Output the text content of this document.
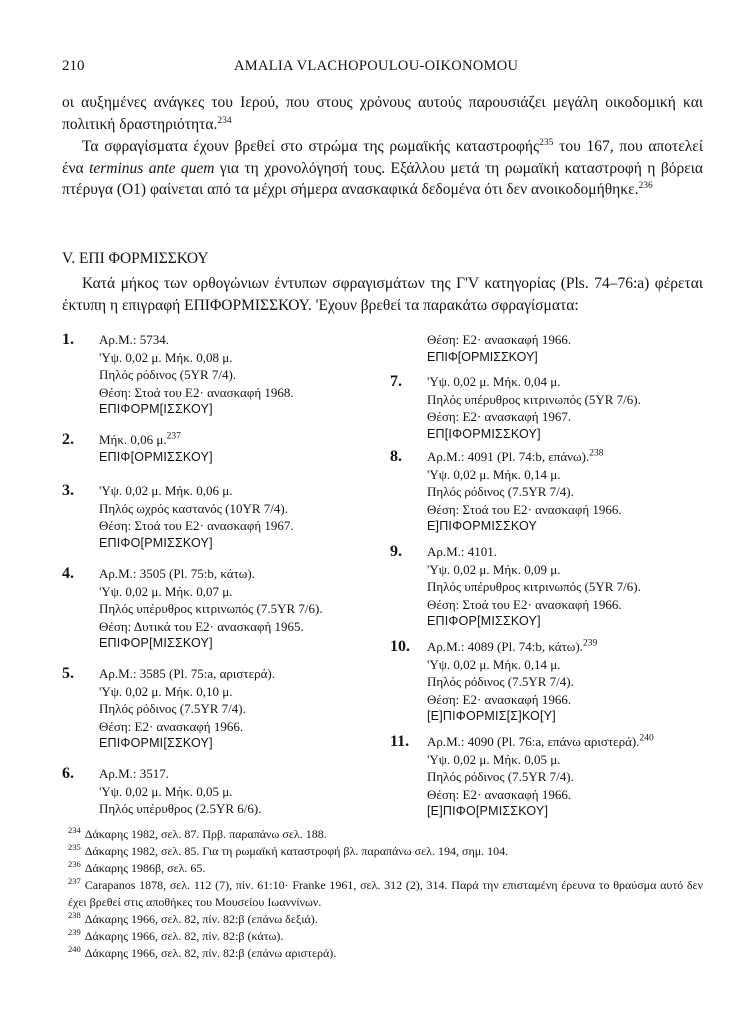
210	AMALIA VLACHOPOULOU-OIKONOMOU

οι αυξημένες ανάγκες του Ιερού, που στους χρόνους αυτούς παρουσιάζει μεγάλη οικοδομική και πολιτική δραστηριότητα.$^{234}$

Τα σφραγίσματα έχουν βρεθεί στο στρώμα της ρωμαϊκής καταστροφής$^{235}$ του 167, που αποτελεί ένα terminus ante quem για τη χρονολόγησή τους. Εξάλλου μετά τη ρωμαϊκή καταστροφή η βόρεια πτέρυγα (Ο1) φαίνεται από τα μέχρι σήμερα ανασκαφικά δεδομένα ότι δεν ανοικοδομήθηκε.$^{236}$

V. ΕΠΙ ΦΟΡΜΙΣΣΚΟΥ

Κατά μήκος των ορθογώνιων έντυπων σφραγισμάτων της Γ'V κατηγορίας (Pls. 74–76:a) φέρεται έκτυπη η επιγραφή ΕΠΙΦΟΡΜΙΣΣΚΟΥ. 'Εχουν βρεθεί τα παρακάτω σφραγίσματα:

1. Αρ.Μ.: 5734.
'Υψ. 0,02 μ. Μήκ. 0,08 μ.
Πηλός ρόδινος (5YR 7/4).
Θέση: Στοά του Ε2· ανασκαφή 1968.
ΕΠΙΦΟΡΜ[ΙΣΣΚΟΥ]
2. Μήκ. 0,06 μ.$^{237}$
ΕΠΙΦ[ΟΡΜΙΣΣΚΟΥ]
3. 'Υψ. 0,02 μ. Μήκ. 0,06 μ.
Πηλός ωχρός καστανός (10YR 7/4).
Θέση: Στοά του Ε2· ανασκαφή 1967.
ΕΠΙΦΟ[ΡΜΙΣΣΚΟΥ]
4. Αρ.Μ.: 3505 (Pl. 75:b, κάτω).
'Υψ. 0,02 μ. Μήκ. 0,07 μ.
Πηλός υπέρυθρος κιτρινωπός (7.5YR 7/6).
Θέση: Δυτικά του Ε2· ανασκαφή 1965.
ΕΠΙΦΟΡ[ΜΙΣΣΚΟΥ]
5. Αρ.Μ.: 3585 (Pl. 75:a, αριστερά).
'Υψ. 0,02 μ. Μήκ. 0,10 μ.
Πηλός ρόδινος (7.5YR 7/4).
Θέση: Ε2· ανασκαφή 1966.
ΕΠΙΦΟΡΜΙ[ΣΣΚΟΥ]
6. Αρ.Μ.: 3517.
'Υψ. 0,02 μ. Μήκ. 0,05 μ.
Πηλός υπέρυθρος (2.5YR 6/6).
Θέση: Ε2· ανασκαφή 1966.
ΕΠΙΦ[ΟΡΜΙΣΣΚΟΥ]
7. 'Υψ. 0,02 μ. Μήκ. 0,04 μ.
Πηλός υπέρυθρος κιτρινωπός (5YR 7/6).
Θέση: Ε2· ανασκαφή 1967.
ΕΠ[ΙΦΟΡΜΙΣΣΚΟΥ]
8. Αρ.Μ.: 4091 (Pl. 74:b, επάνω).$^{238}$
'Υψ. 0,02 μ. Μήκ. 0,14 μ.
Πηλός ρόδινος (7.5YR 7/4).
Θέση: Στοά του Ε2· ανασκαφή 1966.
Ε]ΠΙΦΟΡΜΙΣΣΚΟΥ
9. Αρ.Μ.: 4101.
'Υψ. 0,02 μ. Μήκ. 0,09 μ.
Πηλός υπέρυθρος κιτρινωπός (5YR 7/6).
Θέση: Στοά του Ε2· ανασκαφή 1966.
ΕΠΙΦΟΡ[ΜΙΣΣΚΟΥ]
10. Αρ.Μ.: 4089 (Pl. 74:b, κάτω).$^{239}$
'Υψ. 0,02 μ. Μήκ. 0,14 μ.
Πηλός ρόδινος (7.5YR 7/4).
Θέση: Ε2· ανασκαφή 1966.
[Ε]ΠΙΦΟΡΜΙΣ[Σ]ΚΟ[Υ]
11. Αρ.Μ.: 4090 (Pl. 76:a, επάνω αριστερά).$^{240}$
'Υψ. 0,02 μ. Μήκ. 0,05 μ.
Πηλός ρόδινος (7.5YR 7/4).
Θέση: Ε2· ανασκαφή 1966.
[Ε]ΠΙΦΟ[ΡΜΙΣΣΚΟΥ]
$^{234}$ Δάκαρης 1982, σελ. 87. Πρβ. παραπάνω σελ. 188.
$^{235}$ Δάκαρης 1982, σελ. 85. Για τη ρωμαϊκή καταστροφή βλ. παραπάνω σελ. 194, σημ. 104.
$^{236}$ Δάκαρης 1986β, σελ. 65.
$^{237}$ Carapanos 1878, σελ. 112 (7), πίν. 61:10· Franke 1961, σελ. 312 (2), 314. Παρά την επισταμένη έρευνα το θραύσμα αυτό δεν έχει βρεθεί στις αποθήκες του Μουσείου Ιωαννίνων.
$^{238}$ Δάκαρης 1966, σελ. 82, πίν. 82:β (επάνω δεξιά).
$^{239}$ Δάκαρης 1966, σελ. 82, πίν. 82:β (κάτω).
$^{240}$ Δάκαρης 1966, σελ. 82, πίν. 82:β (επάνω αριστερά).
